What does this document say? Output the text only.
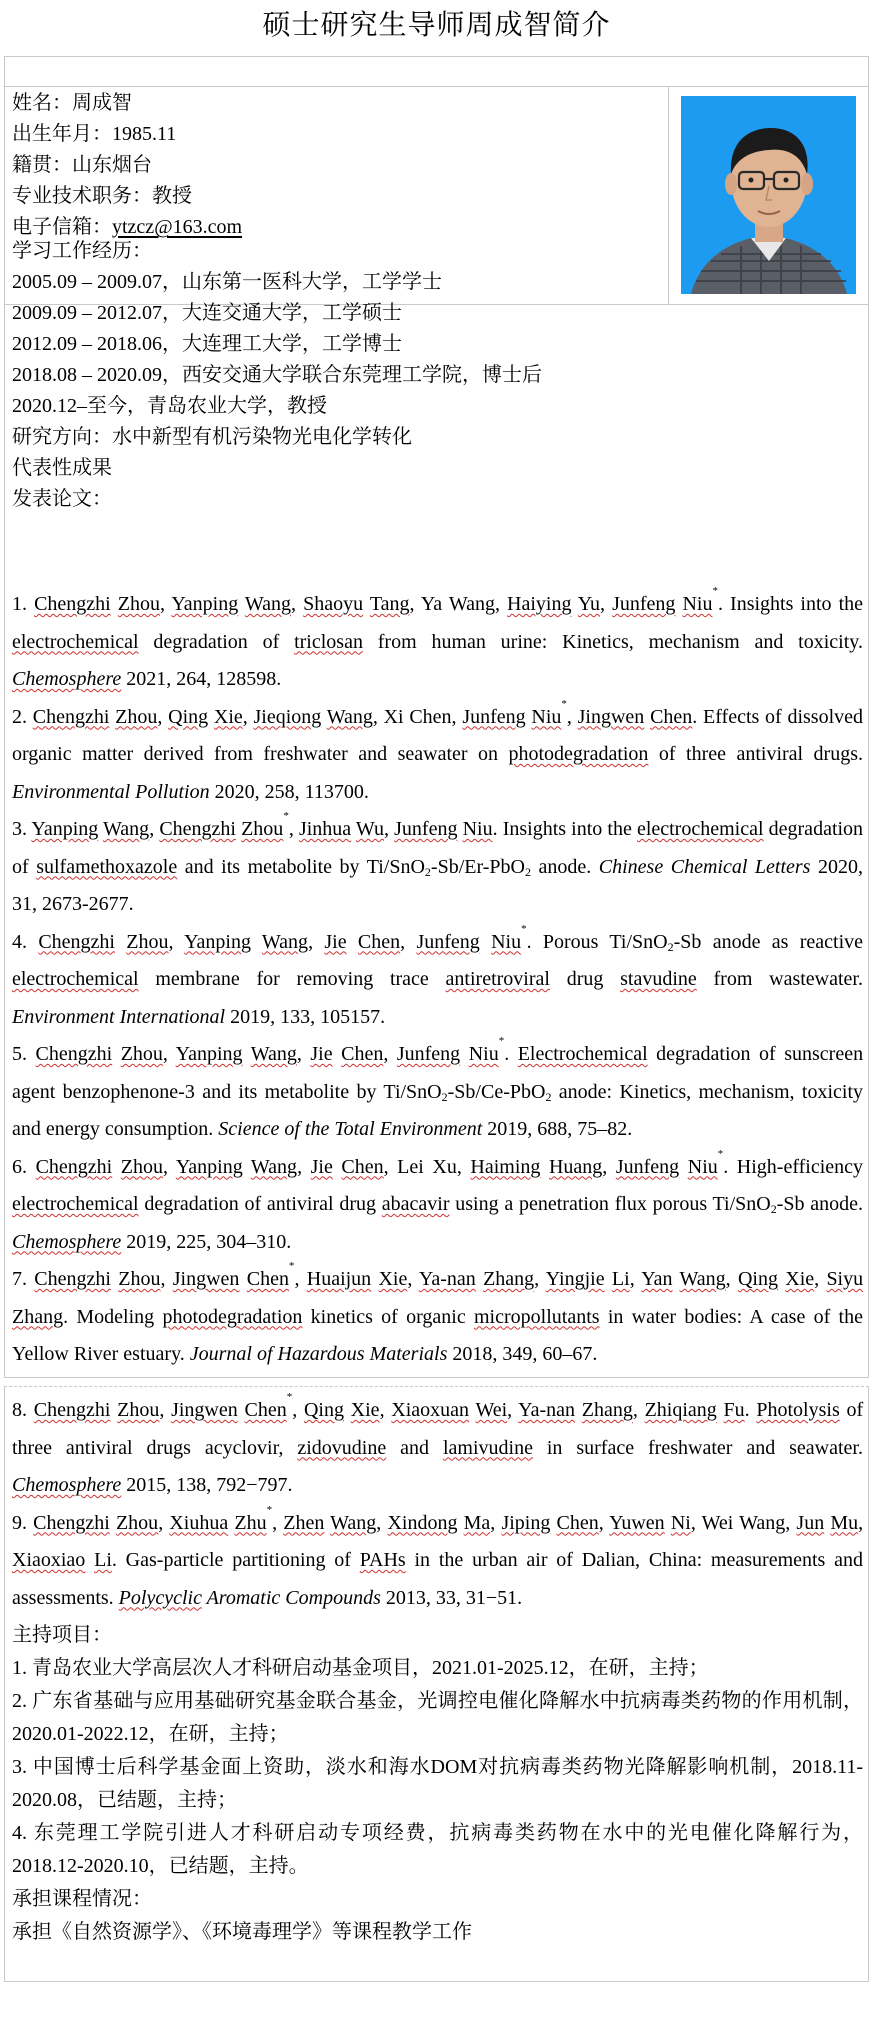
硕士研究生导师周成智简介
姓名：周成智
出生年月：1985.11
籍贯：山东烟台
专业技术职务：教授
电子信箱：ytzcz@163.com
学习工作经历：
2005.09 – 2009.07，山东第一医科大学，工学学士
2009.09 – 2012.07，大连交通大学，工学硕士
2012.09 – 2018.06，大连理工大学，工学博士
2018.08 – 2020.09，西安交通大学联合东莞理工学院，博士后
2020.12–至今，青岛农业大学，教授
研究方向：水中新型有机污染物光电化学转化
代表性成果
发表论文：
1. Chengzhi Zhou, Yanping Wang, Shaoyu Tang, Ya Wang, Haiying Yu, Junfeng Niu*. Insights into the electrochemical degradation of triclosan from human urine: Kinetics, mechanism and toxicity. Chemosphere 2021, 264, 128598.
2. Chengzhi Zhou, Qing Xie, Jieqiong Wang, Xi Chen, Junfeng Niu*, Jingwen Chen. Effects of dissolved organic matter derived from freshwater and seawater on photodegradation of three antiviral drugs. Environmental Pollution 2020, 258, 113700.
3. Yanping Wang, Chengzhi Zhou*, Jinhua Wu, Junfeng Niu. Insights into the electrochemical degradation of sulfamethoxazole and its metabolite by Ti/SnO$_2$-Sb/Er-PbO$_2$ anode. Chinese Chemical Letters 2020, 31, 2673-2677.
4. Chengzhi Zhou, Yanping Wang, Jie Chen, Junfeng Niu*. Porous Ti/SnO$_2$-Sb anode as reactive electrochemical membrane for removing trace antiretroviral drug stavudine from wastewater. Environment International 2019, 133, 105157.
5. Chengzhi Zhou, Yanping Wang, Jie Chen, Junfeng Niu*. Electrochemical degradation of sunscreen agent benzophenone-3 and its metabolite by Ti/SnO$_2$-Sb/Ce-PbO$_2$ anode: Kinetics, mechanism, toxicity and energy consumption. Science of the Total Environment 2019, 688, 75–82.
6. Chengzhi Zhou, Yanping Wang, Jie Chen, Lei Xu, Haiming Huang, Junfeng Niu*. High-efficiency electrochemical degradation of antiviral drug abacavir using a penetration flux porous Ti/SnO$_2$-Sb anode. Chemosphere 2019, 225, 304–310.
7. Chengzhi Zhou, Jingwen Chen*, Huaijun Xie, Ya-nan Zhang, Yingjie Li, Yan Wang, Qing Xie, Siyu Zhang. Modeling photodegradation kinetics of organic micropollutants in water bodies: A case of the Yellow River estuary. Journal of Hazardous Materials 2018, 349, 60–67.
8. Chengzhi Zhou, Jingwen Chen*, Qing Xie, Xiaoxuan Wei, Ya-nan Zhang, Zhiqiang Fu. Photolysis of three antiviral drugs acyclovir, zidovudine and lamivudine in surface freshwater and seawater. Chemosphere 2015, 138, 792−797.
9. Chengzhi Zhou, Xiuhua Zhu*, Zhen Wang, Xindong Ma, Jiping Chen, Yuwen Ni, Wei Wang, Jun Mu, Xiaoxiao Li. Gas-particle partitioning of PAHs in the urban air of Dalian, China: measurements and assessments. Polycyclic Aromatic Compounds 2013, 33, 31−51.
主持项目：
1. 青岛农业大学高层次人才科研启动基金项目，2021.01-2025.12，在研，主持；
2. 广东省基础与应用基础研究基金联合基金，光调控电催化降解水中抗病毒类药物的作用机制，2020.01-2022.12，在研，主持；
3. 中国博士后科学基金面上资助，淡水和海水DOM对抗病毒类药物光降解影响机制，2018.11-2020.08，已结题，主持；
4. 东莞理工学院引进人才科研启动专项经费，抗病毒类药物在水中的光电催化降解行为，2018.12-2020.10，已结题，主持。
承担课程情况：
承担《自然资源学》、《环境毒理学》等课程教学工作
